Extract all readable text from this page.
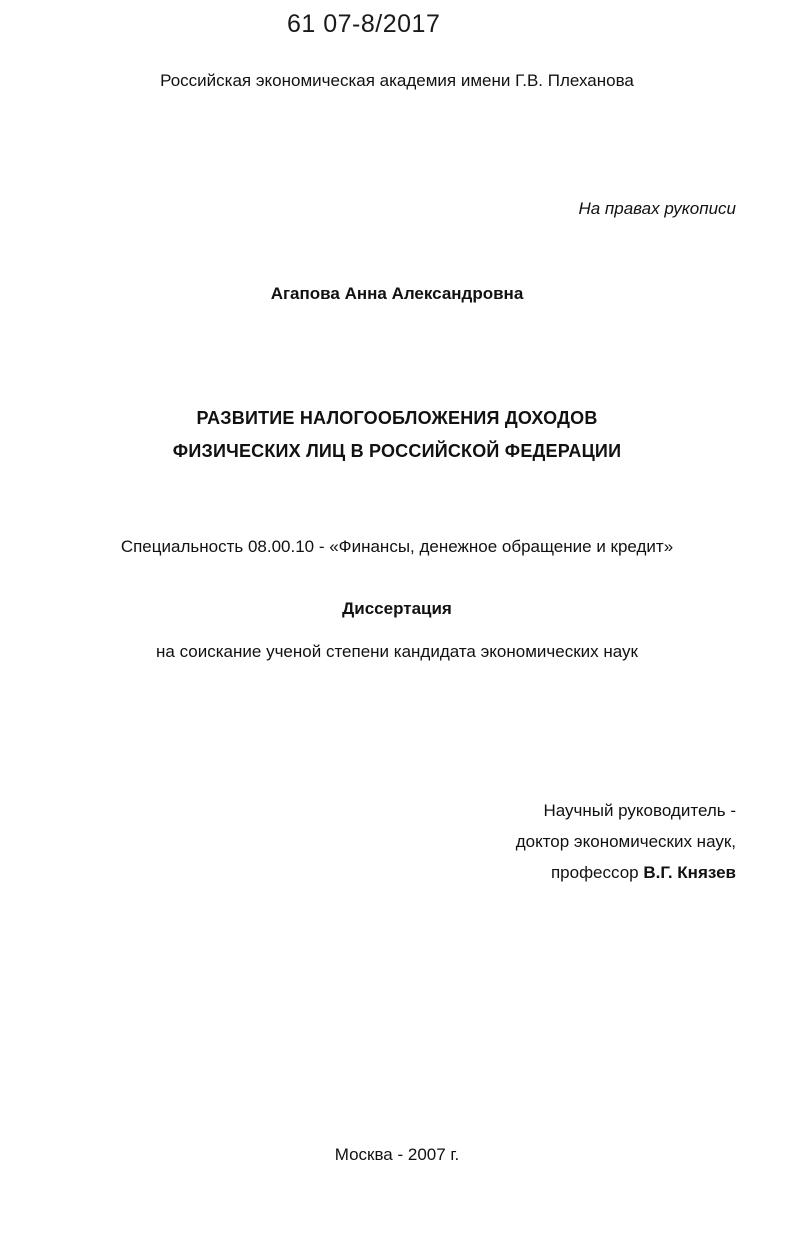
61 07-8/2017
Российская экономическая академия имени Г.В. Плеханова
На правах рукописи
Агапова Анна Александровна
РАЗВИТИЕ НАЛОГООБЛОЖЕНИЯ ДОХОДОВ
ФИЗИЧЕСКИХ ЛИЦ В РОССИЙСКОЙ ФЕДЕРАЦИИ
Специальность 08.00.10 - «Финансы, денежное обращение и кредит»
Диссертация
на соискание ученой степени кандидата экономических наук
Научный руководитель -
доктор экономических наук,
профессор В.Г. Князев
Москва - 2007 г.
